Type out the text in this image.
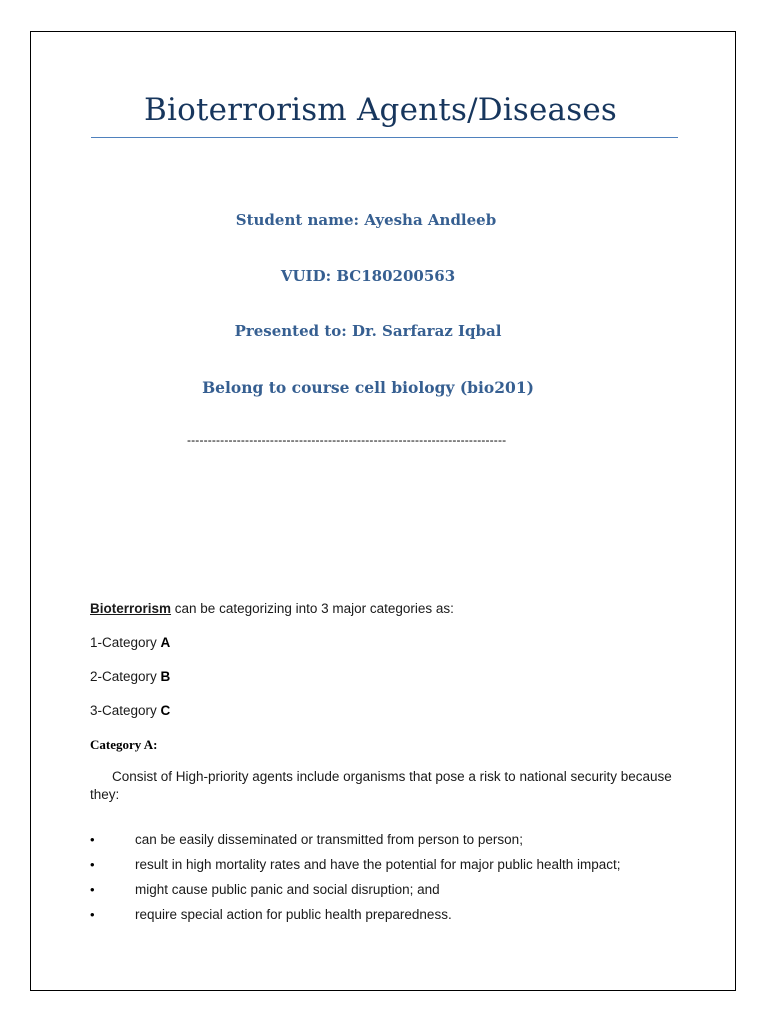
Bioterrorism Agents/Diseases
Student name: Ayesha Andleeb
VUID: BC180200563
Presented to: Dr. Sarfaraz Iqbal
Belong to course cell biology (bio201)
-----------------------------------------------------------------------------
Bioterrorism can be categorizing into 3 major categories as:
1-Category A
2-Category B
3-Category C
Category A:
Consist of High-priority agents include organisms that pose a risk to national security because they:
•	can be easily disseminated or transmitted from person to person;
•	result in high mortality rates and have the potential for major public health impact;
•	might cause public panic and social disruption; and
•	require special action for public health preparedness.
